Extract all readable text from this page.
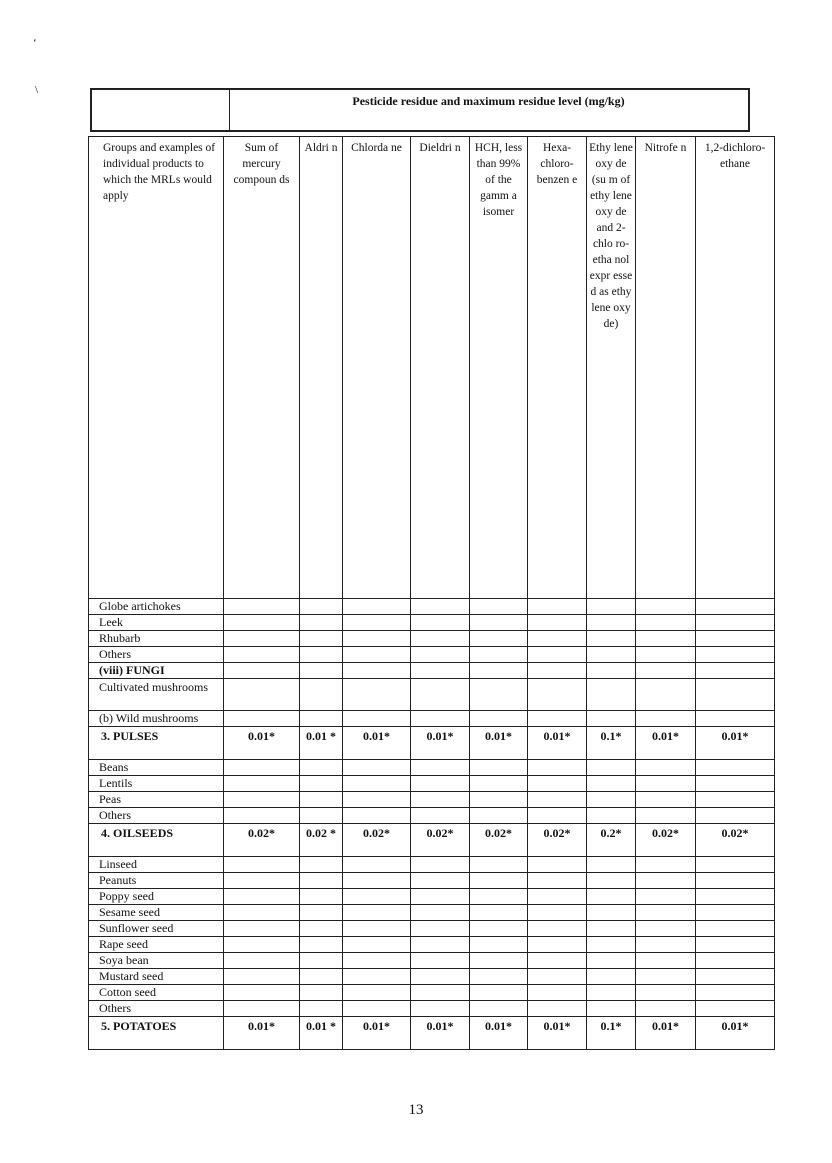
‘
\
Pesticide residue and maximum residue level (mg/kg)
Groups and examples of individual products to which the MRLs would apply	Sum of mercury compoun ds	Aldri n	Chlorda ne	Dieldri n	HCH, less than 99% of the gamm a isomer	Hexa-chloro-benzen e	Ethy lene oxy de (su m of ethy lene oxy de and 2-chlo ro-etha nol expr esse d as ethy lene oxy de)	Nitrofe n	1,2-dichloro-ethane
Globe artichokes									
Leek									
Rhubarb									
Others									
(viii) FUNGI									
Cultivated mushrooms									
(b) Wild mushrooms									
3. PULSES	0.01*	0.01 *	0.01*	0.01*	0.01*	0.01*	0.1*	0.01*	0.01*
Beans									
Lentils									
Peas									
Others									
4. OILSEEDS	0.02*	0.02 *	0.02*	0.02*	0.02*	0.02*	0.2*	0.02*	0.02*
Linseed									
Peanuts									
Poppy seed									
Sesame seed									
Sunflower seed									
Rape seed									
Soya bean									
Mustard seed									
Cotton seed									
Others									
5. POTATOES	0.01*	0.01 *	0.01*	0.01*	0.01*	0.01*	0.1*	0.01*	0.01*
13
